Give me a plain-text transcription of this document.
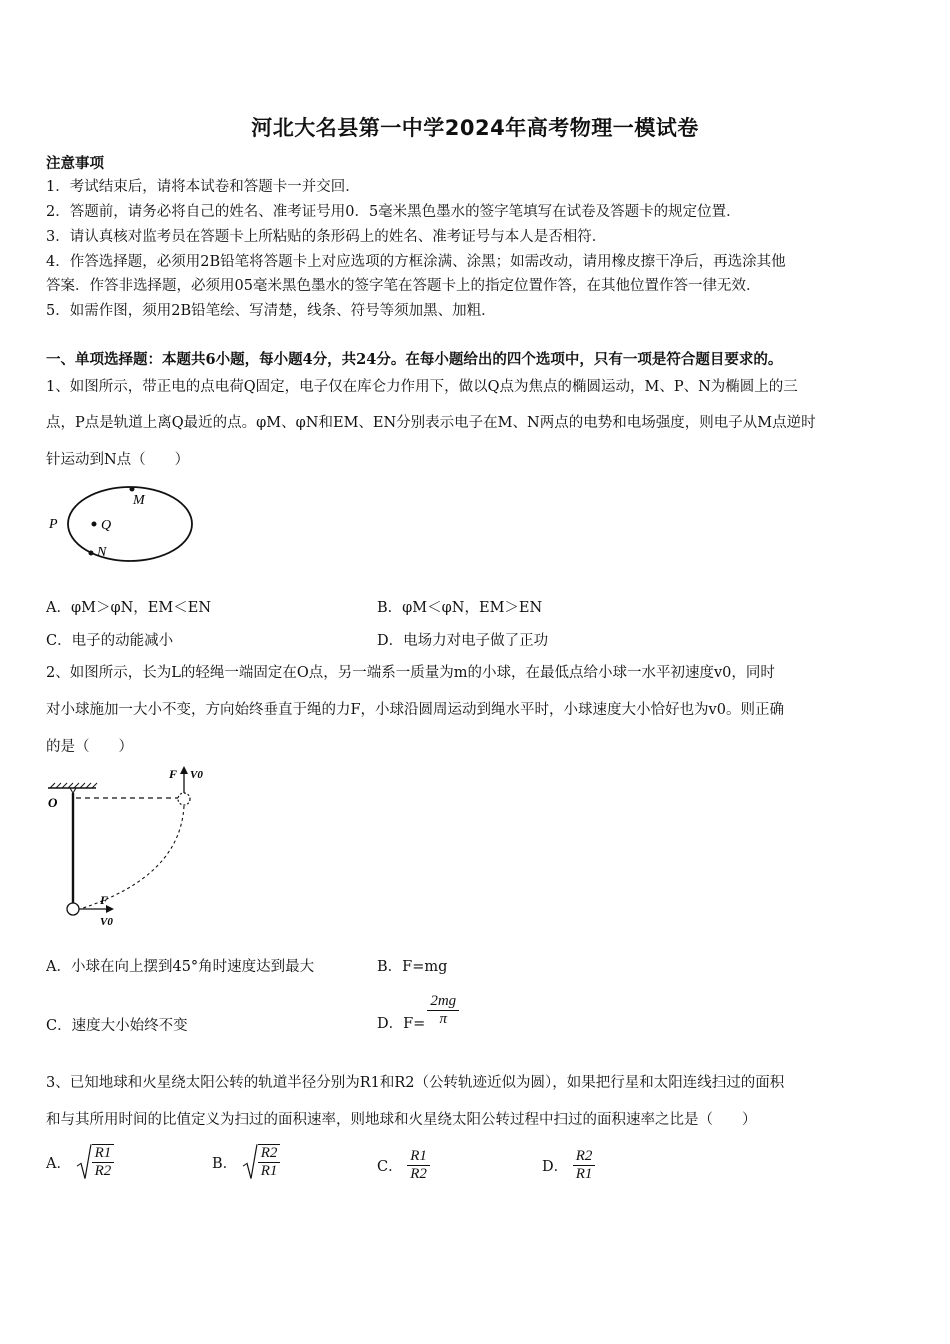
河北大名县第一中学2024年高考物理一模试卷
注意事项
1．考试结束后，请将本试卷和答题卡一并交回．
2．答题前，请务必将自己的姓名、准考证号用0．5毫米黑色墨水的签字笔填写在试卷及答题卡的规定位置．
3．请认真核对监考员在答题卡上所粘贴的条形码上的姓名、准考证号与本人是否相符．
4．作答选择题，必须用2B铅笔将答题卡上对应选项的方框涂满、涂黑；如需改动，请用橡皮擦干净后，再选涂其他
答案．作答非选择题，必须用05毫米黑色墨水的签字笔在答题卡上的指定位置作答，在其他位置作答一律无效．
5．如需作图，须用2B铅笔绘、写清楚，线条、符号等须加黑、加粗．
一、单项选择题：本题共6小题，每小题4分，共24分。在每小题给出的四个选项中，只有一项是符合题目要求的。
1、如图所示，带正电的点电荷Q固定，电子仅在库仑力作用下，做以Q点为焦点的椭圆运动，M、P、N为椭圆上的三
点，P点是轨道上离Q最近的点。φM、φN和EM、EN分别表示电子在M、N两点的电势和电场强度，则电子从M点逆时
针运动到N点（　　）
P	Q
M
N
A．φM＞φN，EM＜EN	B．φM＜φN，EM＞EN
C．电子的动能减小	D．电场力对电子做了正功
2、如图所示，长为L的轻绳一端固定在O点，另一端系一质量为m的小球，在最低点给小球一水平初速度v0，同时
对小球施加一大小不变，方向始终垂直于绳的力F，小球沿圆周运动到绳水平时，小球速度大小恰好也为v0。则正确
的是（　　）
O
F V0
F
V0
A．小球在向上摆到45°角时速度达到最大	B．F=mg
C．速度大小始终不变	D．$F= \frac{2mg}{\pi}$
3、已知地球和火星绕太阳公转的轨道半径分别为R1和R2（公转轨迹近似为圆），如果把行星和太阳连线扫过的面积
和与其所用时间的比值定义为扫过的面积速率，则地球和火星绕太阳公转过程中扫过的面积速率之比是（　　）
A． $\frac{R1}{R2}$	B． $\frac{R2}{R1}$	C． $\frac{R1}{R2}$	D． $\frac{R2}{R1}$
